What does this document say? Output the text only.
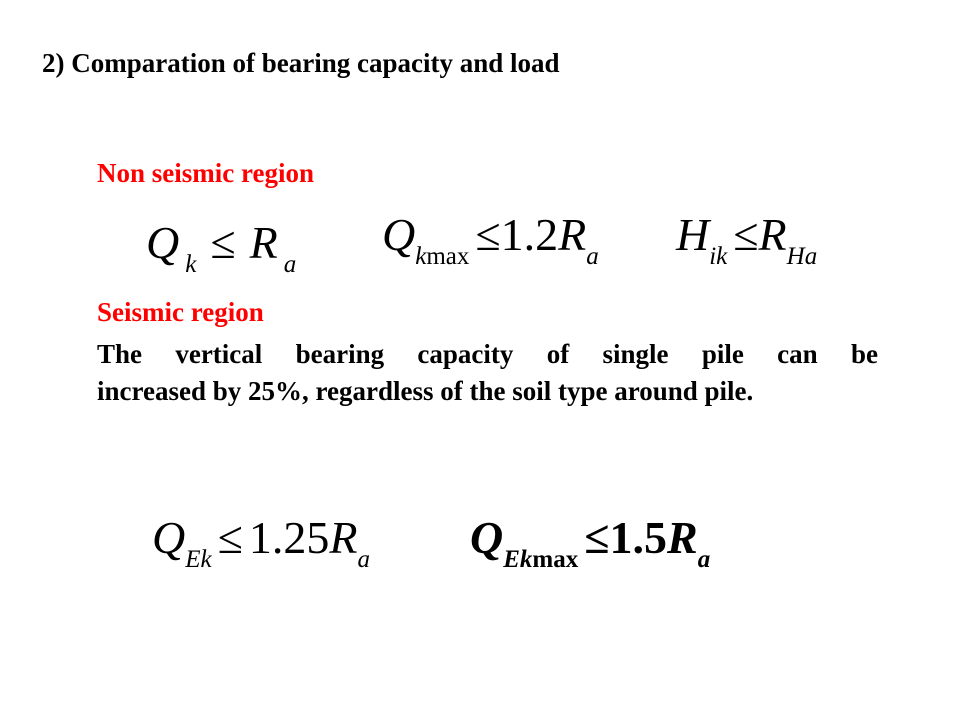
2) Comparation of bearing capacity and load
Non seismic region
Qk ≤ R a
Qkmax ≤1.2Ra Hik ≤RHa
Seismic region
The vertical bearing capacity of single pile can be
increased by 25%, regardless of the soil type around pile.
QEk ≤ 1.25Ra QEkmax ≤1.5Ra
